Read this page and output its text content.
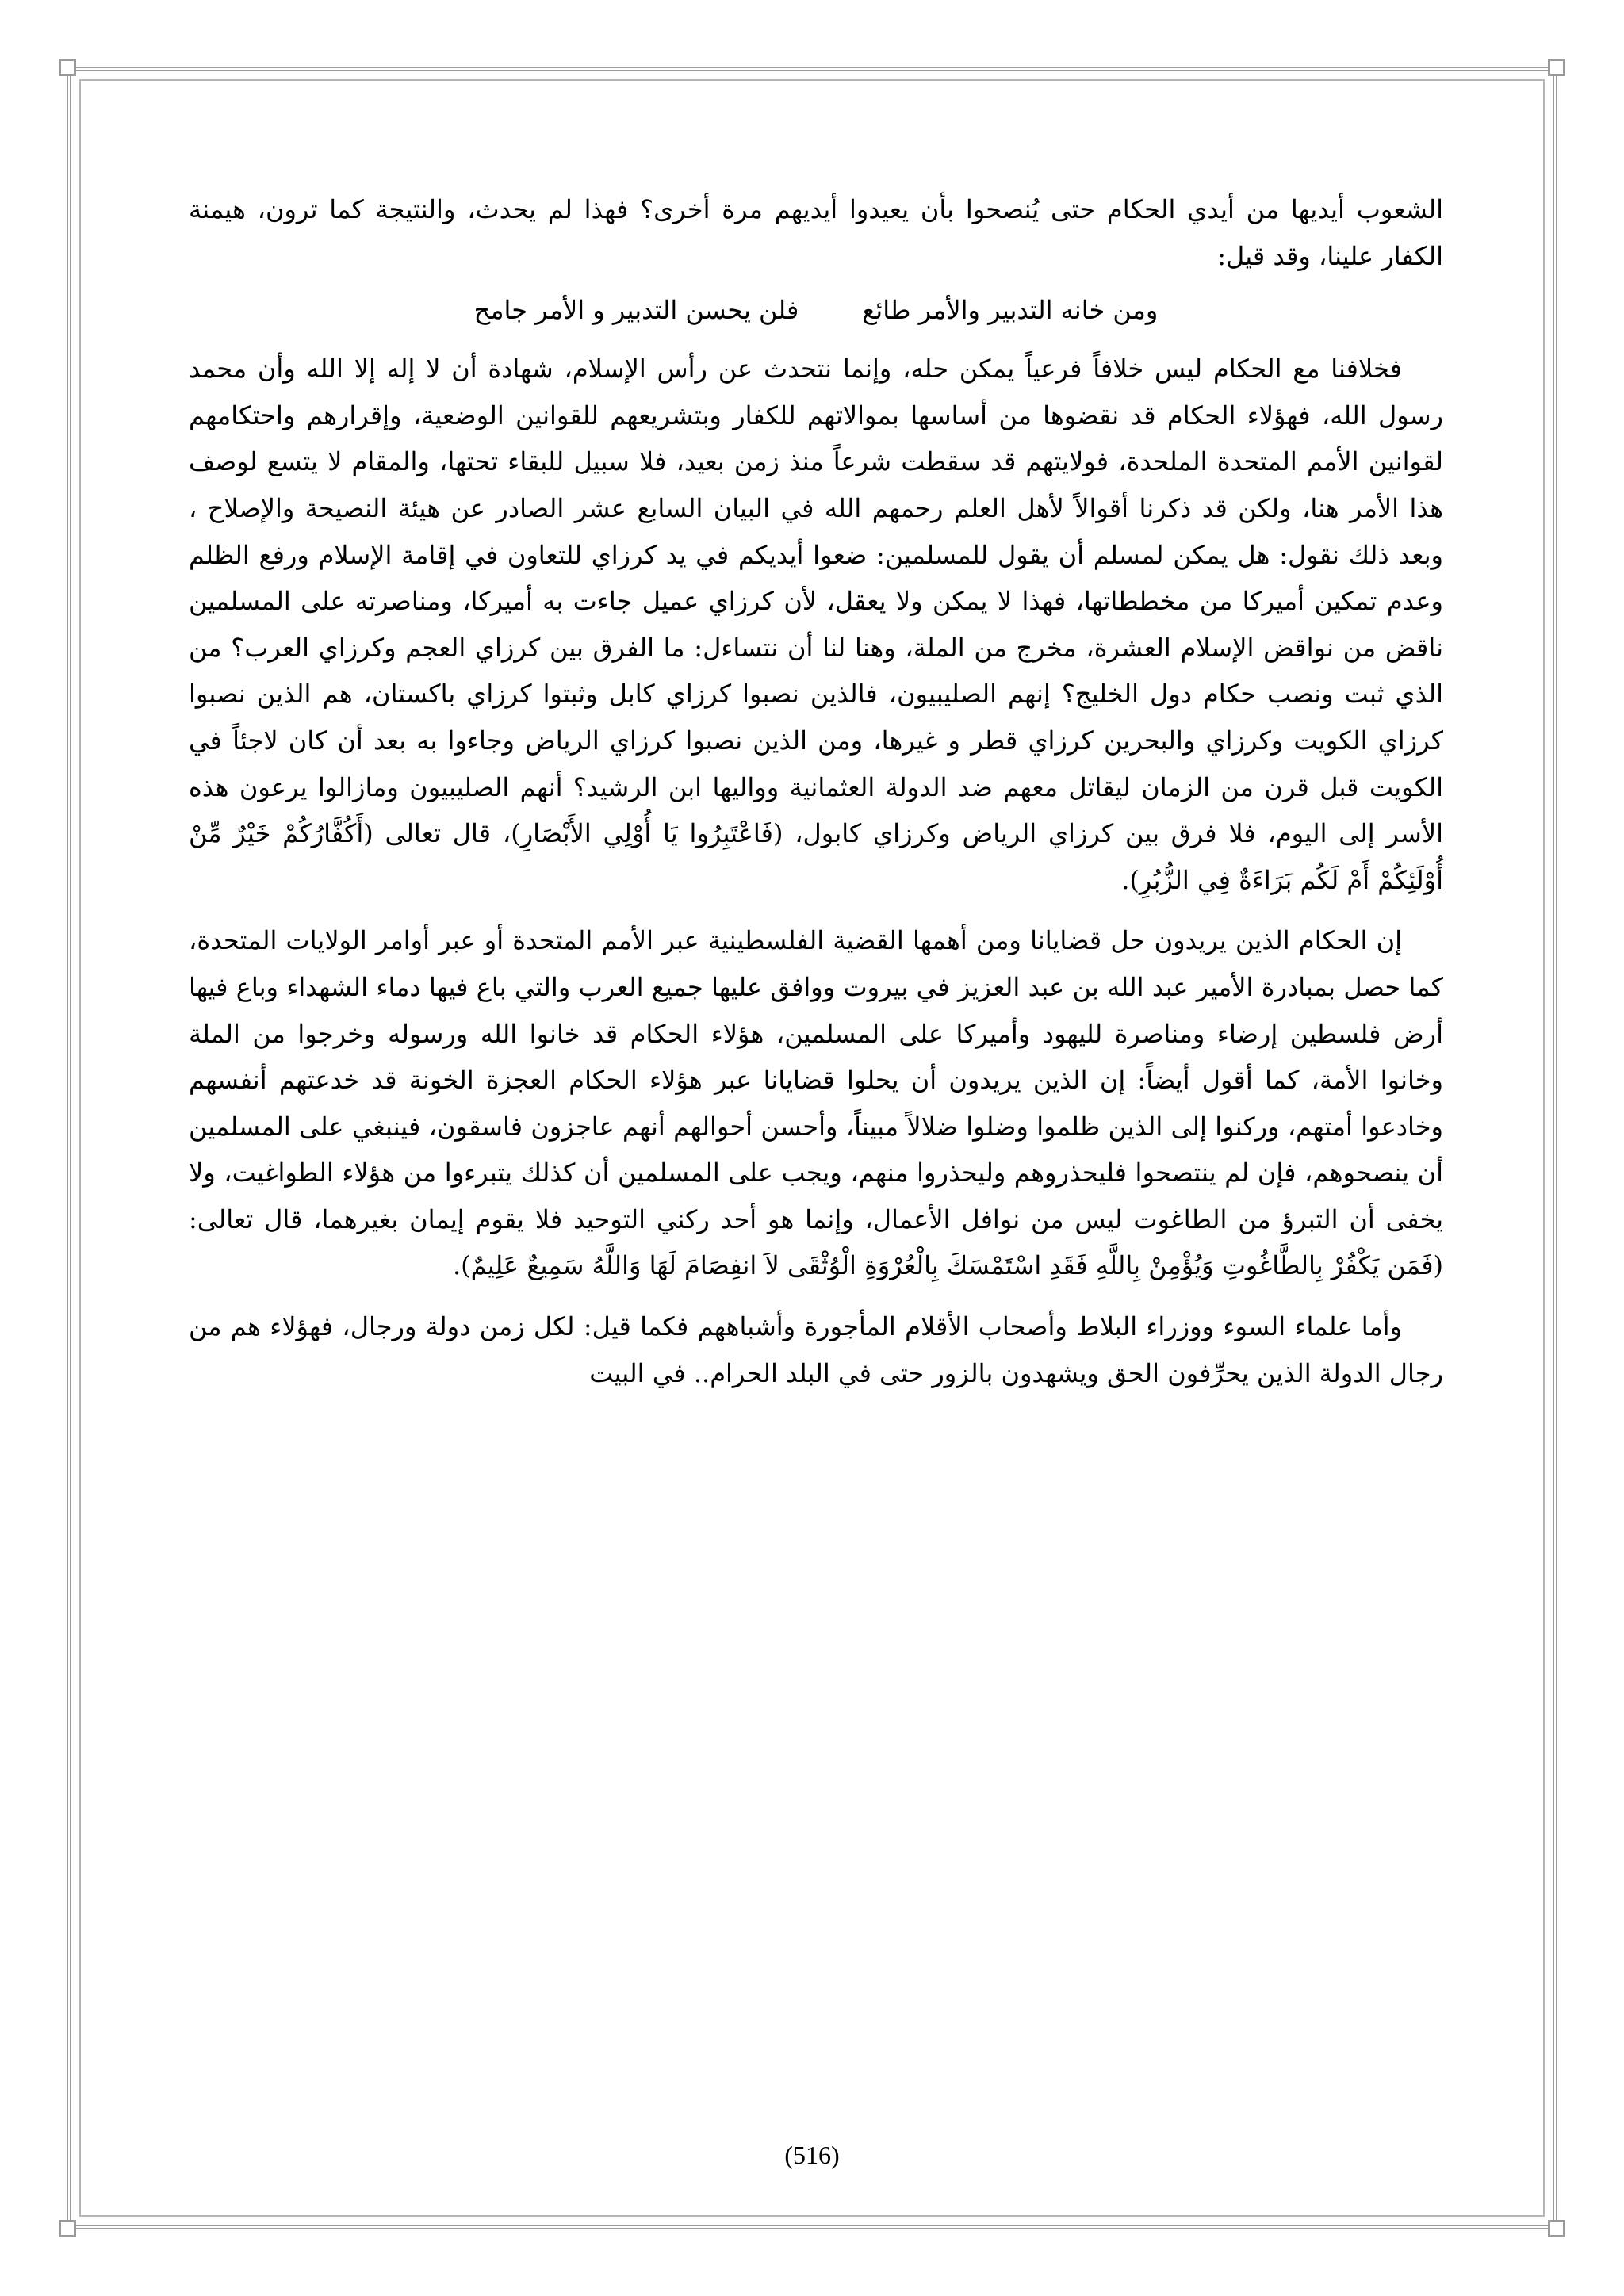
الشعوب أيديها من أيدي الحكام حتى يُنصحوا بأن يعيدوا أيديهم مرة أخرى؟ فهذا لم يحدث، والنتيجة كما ترون، هيمنة الكفار علينا، وقد قيل:

ومن خانه التدبير والأمر طائع
فلن يحسن التدبير و الأمر جامح

فخلافنا مع الحكام ليس خلافاً فرعياً يمكن حله، وإنما نتحدث عن رأس الإسلام، شهادة أن لا إله إلا الله وأن محمد رسول الله، فهؤلاء الحكام قد نقضوها من أساسها بموالاتهم للكفار وبتشريعهم للقوانين الوضعية، وإقرارهم واحتكامهم لقوانين الأمم المتحدة الملحدة، فولايتهم قد سقطت شرعاً منذ زمن بعيد، فلا سبيل للبقاء تحتها، والمقام لا يتسع لوصف هذا الأمر هنا، ولكن قد ذكرنا أقوالاً لأهل العلم رحمهم الله في البيان السابع عشر الصادر عن هيئة النصيحة والإصلاح ، وبعد ذلك نقول: هل يمكن لمسلم أن يقول للمسلمين: ضعوا أيديكم في يد كرزاي للتعاون في إقامة الإسلام ورفع الظلم وعدم تمكين أميركا من مخططاتها، فهذا لا يمكن ولا يعقل، لأن كرزاي عميل جاءت به أميركا، ومناصرته على المسلمين ناقض من نواقض الإسلام العشرة، مخرج من الملة، وهنا لنا أن نتساءل: ما الفرق بين كرزاي العجم وكرزاي العرب؟ من الذي ثبت ونصب حكام دول الخليج؟ إنهم الصليبيون، فالذين نصبوا كرزاي كابل وثبتوا كرزاي باكستان، هم الذين نصبوا كرزاي الكويت وكرزاي والبحرين كرزاي قطر و غيرها، ومن الذين نصبوا كرزاي الرياض وجاءوا به بعد أن كان لاجئاً في الكويت قبل قرن من الزمان ليقاتل معهم ضد الدولة العثمانية وواليها ابن الرشيد؟ أنهم الصليبيون ومازالوا يرعون هذه الأسر إلى اليوم، فلا فرق بين كرزاي الرياض وكرزاي كابول، (فَاعْتَبِرُوا يَا أُوْلِي الأَبْصَارِ)، قال تعالى (أَكُفَّارُكُمْ خَيْرٌ مِّنْ أُوْلَئِكُمْ أَمْ لَكُم بَرَاءَةٌ فِي الزُّبُرِ).

إن الحكام الذين يريدون حل قضايانا ومن أهمها القضية الفلسطينية عبر الأمم المتحدة أو عبر أوامر الولايات المتحدة، كما حصل بمبادرة الأمير عبد الله بن عبد العزيز في بيروت ووافق عليها جميع العرب والتي باع فيها دماء الشهداء وباع فيها أرض فلسطين إرضاء ومناصرة لليهود وأميركا على المسلمين، هؤلاء الحكام قد خانوا الله ورسوله وخرجوا من الملة وخانوا الأمة، كما أقول أيضاً: إن الذين يريدون أن يحلوا قضايانا عبر هؤلاء الحكام العجزة الخونة قد خدعتهم أنفسهم وخادعوا أمتهم، وركنوا إلى الذين ظلموا وضلوا ضلالاً مبيناً، وأحسن أحوالهم أنهم عاجزون فاسقون، فينبغي على المسلمين أن ينصحوهم، فإن لم ينتصحوا فليحذروهم وليحذروا منهم، ويجب على المسلمين أن كذلك يتبرءوا من هؤلاء الطواغيت، ولا يخفى أن التبرؤ من الطاغوت ليس من نوافل الأعمال، وإنما هو أحد ركني التوحيد فلا يقوم إيمان بغيرهما، قال تعالى: (فَمَن يَكْفُرْ بِالطَّاغُوتِ وَيُؤْمِنْ بِاللَّهِ فَقَدِ اسْتَمْسَكَ بِالْعُرْوَةِ الْوُثْقَى لاَ انفِصَامَ لَهَا وَاللَّهُ سَمِيعٌ عَلِيمٌ).

وأما علماء السوء ووزراء البلاط وأصحاب الأقلام المأجورة وأشباههم فكما قيل: لكل زمن دولة ورجال، فهؤلاء هم من رجال الدولة الذين يحرِّفون الحق ويشهدون بالزور حتى في البلد الحرام.. في البيت

(516)
